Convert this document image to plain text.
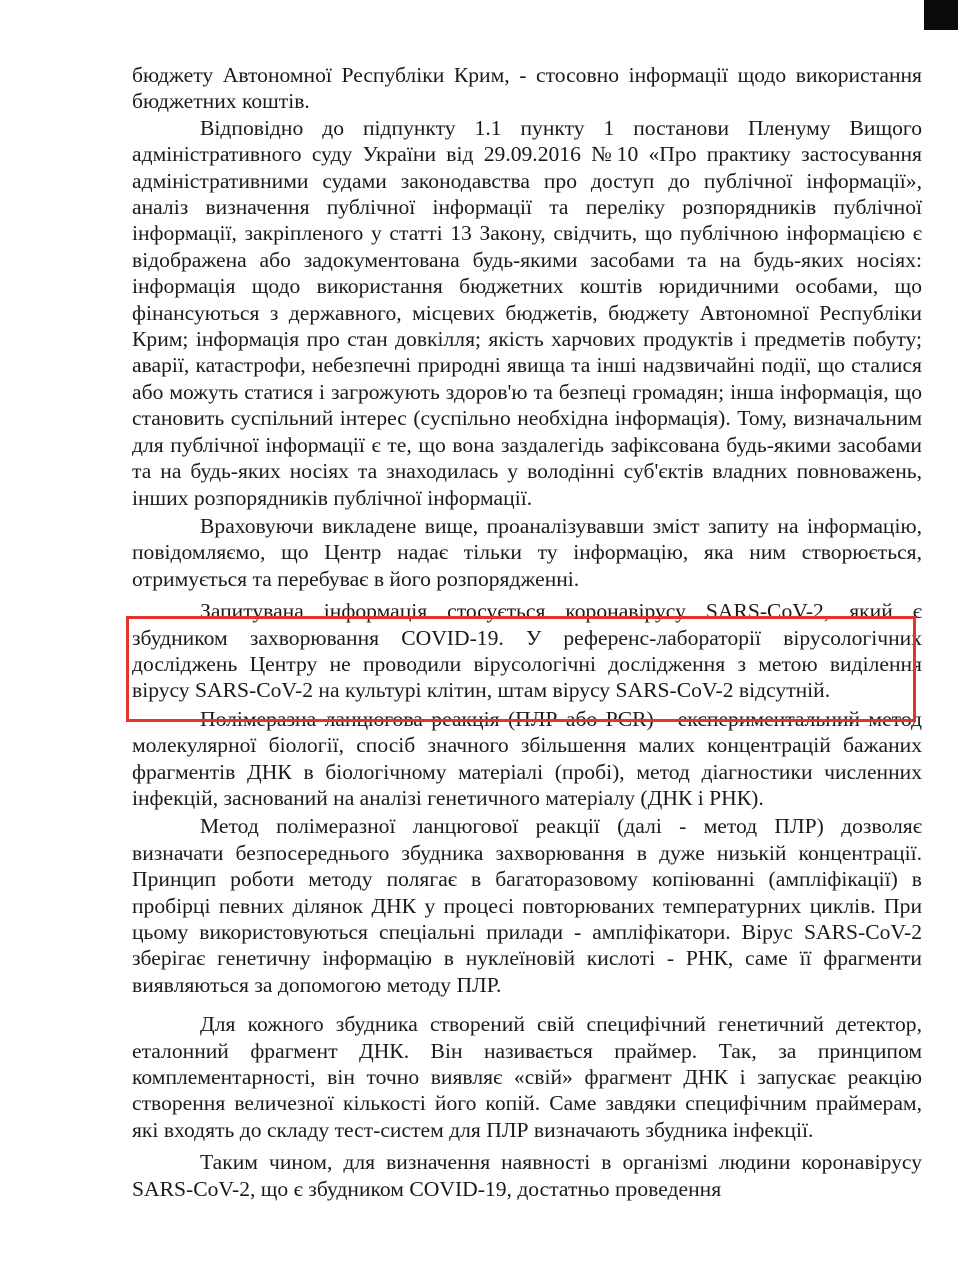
бюджету Автономної Республіки Крим, - стосовно інформації щодо використання бюджетних коштів.

Відповідно до підпункту 1.1 пункту 1 постанови Пленуму Вищого адміністративного суду України від 29.09.2016 №10 «Про практику застосування адміністративними судами законодавства про доступ до публічної інформації», аналіз визначення публічної інформації та переліку розпорядників публічної інформації, закріпленого у статті 13 Закону, свідчить, що публічною інформацією є відображена або задокументована будь-якими засобами та на будь-яких носіях: інформація щодо використання бюджетних коштів юридичними особами, що фінансуються з державного, місцевих бюджетів, бюджету Автономної Республіки Крим; інформація про стан довкілля; якість харчових продуктів і предметів побуту; аварії, катастрофи, небезпечні природні явища та інші надзвичайні події, що сталися або можуть статися і загрожують здоров'ю та безпеці громадян; інша інформація, що становить суспільний інтерес (суспільно необхідна інформація). Тому, визначальним для публічної інформації є те, що вона заздалегідь зафіксована будь-якими засобами та на будь-яких носіях та знаходилась у володінні суб'єктів владних повноважень, інших розпорядників публічної інформації.

Враховуючи викладене вище, проаналізувавши зміст запиту на інформацію, повідомляємо, що Центр надає тільки ту інформацію, яка ним створюється, отримується та перебуває в його розпорядженні.

Запитувана інформація стосується коронавірусу SARS-CoV-2, який є збудником захворювання COVID-19. У референс-лабораторії вірусологічних досліджень Центру не проводили вірусологічні дослідження з метою виділення вірусу SARS-CoV-2 на культурі клітин, штам вірусу SARS-CoV-2 відсутній.

Полімеразна ланцюгова реакція (ПЛР або PCR) - експериментальний метод молекулярної біології, спосіб значного збільшення малих концентрацій бажаних фрагментів ДНК в біологічному матеріалі (пробі), метод діагностики численних інфекцій, заснований на аналізі генетичного матеріалу (ДНК і РНК).

Метод полімеразної ланцюгової реакції (далі - метод ПЛР) дозволяє визначати безпосереднього збудника захворювання в дуже низькій концентрації. Принцип роботи методу полягає в багаторазовому копіюванні (ампліфікації) в пробірці певних ділянок ДНК у процесі повторюваних температурних циклів. При цьому використовуються спеціальні прилади - ампліфікатори. Вірус SARS-CoV-2 зберігає генетичну інформацію в нуклеїновій кислоті - РНК, саме її фрагменти виявляються за допомогою методу ПЛР.

Для кожного збудника створений свій специфічний генетичний детектор, еталонний фрагмент ДНК. Він називається праймер. Так, за принципом комплементарності, він точно виявляє «свій» фрагмент ДНК і запускає реакцію створення величезної кількості його копій. Саме завдяки специфічним праймерам, які входять до складу тест-систем для ПЛР визначають збудника інфекції.

Таким чином, для визначення наявності в організмі людини коронавірусу SARS-CoV-2, що є збудником COVID-19, достатньо проведення
